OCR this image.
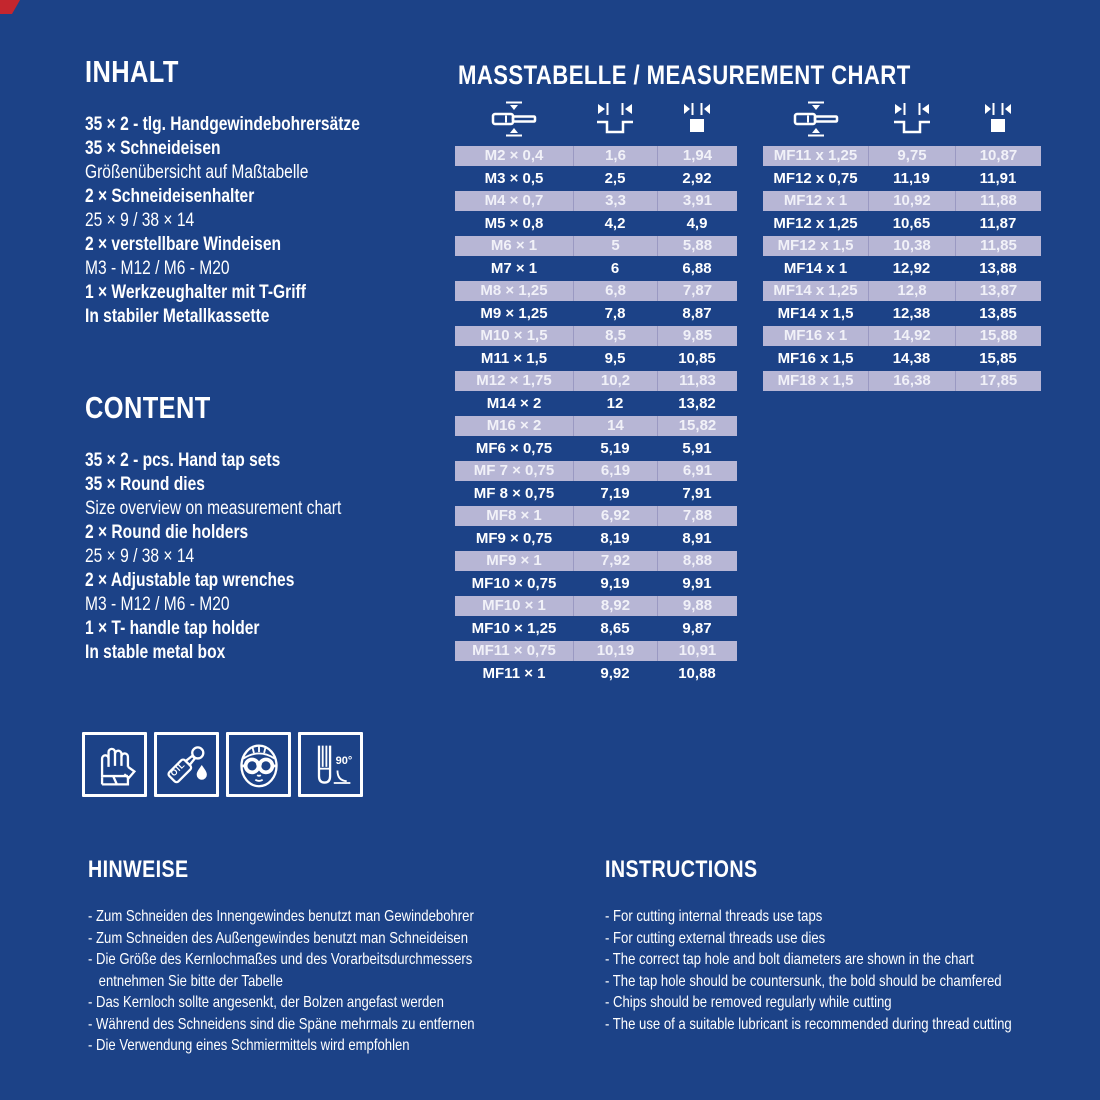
INHALT
35 × 2 - tlg. Handgewindebohrersätze
35 × Schneideisen
Größenübersicht auf Maßtabelle
2 × Schneideisenhalter
25 × 9 / 38 × 14
2 × verstellbare Windeisen
M3 - M12 / M6 - M20
1 × Werkzeughalter mit T-Griff
In stabiler Metallkassette
CONTENT
35 × 2 - pcs. Hand tap sets
35 × Round dies
Size overview on measurement chart
2 × Round die holders
25 × 9 / 38 × 14
2 × Adjustable tap wrenches
M3 - M12 / M6 - M20
1 × T- handle tap holder
In stable metal box
MASSTABELLE / MEASUREMENT CHART
M2 × 0,4	1,6	1,94
M3 × 0,5	2,5	2,92
M4 × 0,7	3,3	3,91
M5 × 0,8	4,2	4,9
M6 × 1	5	5,88
M7 × 1	6	6,88
M8 × 1,25	6,8	7,87
M9 × 1,25	7,8	8,87
M10 × 1,5	8,5	9,85
M11 × 1,5	9,5	10,85
M12 × 1,75	10,2	11,83
M14 × 2	12	13,82
M16 × 2	14	15,82
MF6 × 0,75	5,19	5,91
MF 7 × 0,75	6,19	6,91
MF 8 × 0,75	7,19	7,91
MF8 × 1	6,92	7,88
MF9 × 0,75	8,19	8,91
MF9 × 1	7,92	8,88
MF10 × 0,75	9,19	9,91
MF10 × 1	8,92	9,88
MF10 × 1,25	8,65	9,87
MF11 × 0,75	10,19	10,91
MF11 × 1	9,92	10,88
MF11 x 1,25	9,75	10,87
MF12 x 0,75	11,19	11,91
MF12 x 1	10,92	11,88
MF12 x 1,25	10,65	11,87
MF12 x 1,5	10,38	11,85
MF14 x 1	12,92	13,88
MF14 x 1,25	12,8	13,87
MF14 x 1,5	12,38	13,85
MF16 x 1	14,92	15,88
MF16 x 1,5	14,38	15,85
MF18 x 1,5	16,38	17,85
OIL	90°
HINWEISE
- Zum Schneiden des Innengewindes benutzt man Gewindebohrer
- Zum Schneiden des Außengewindes benutzt man Schneideisen
- Die Größe des Kernlochmaßes und des Vorarbeitsdurchmessers entnehmen Sie bitte der Tabelle
- Das Kernloch sollte angesenkt, der Bolzen angefast werden
- Während des Schneidens sind die Späne mehrmals zu entfernen
- Die Verwendung eines Schmiermittels wird empfohlen
INSTRUCTIONS
- For cutting internal threads use taps
- For cutting external threads use dies
- The correct tap hole and bolt diameters are shown in the chart
- The tap hole should be countersunk, the bold should be chamfered
- Chips should be removed regularly while cutting
- The use of a suitable lubricant is recommended during thread cutting
